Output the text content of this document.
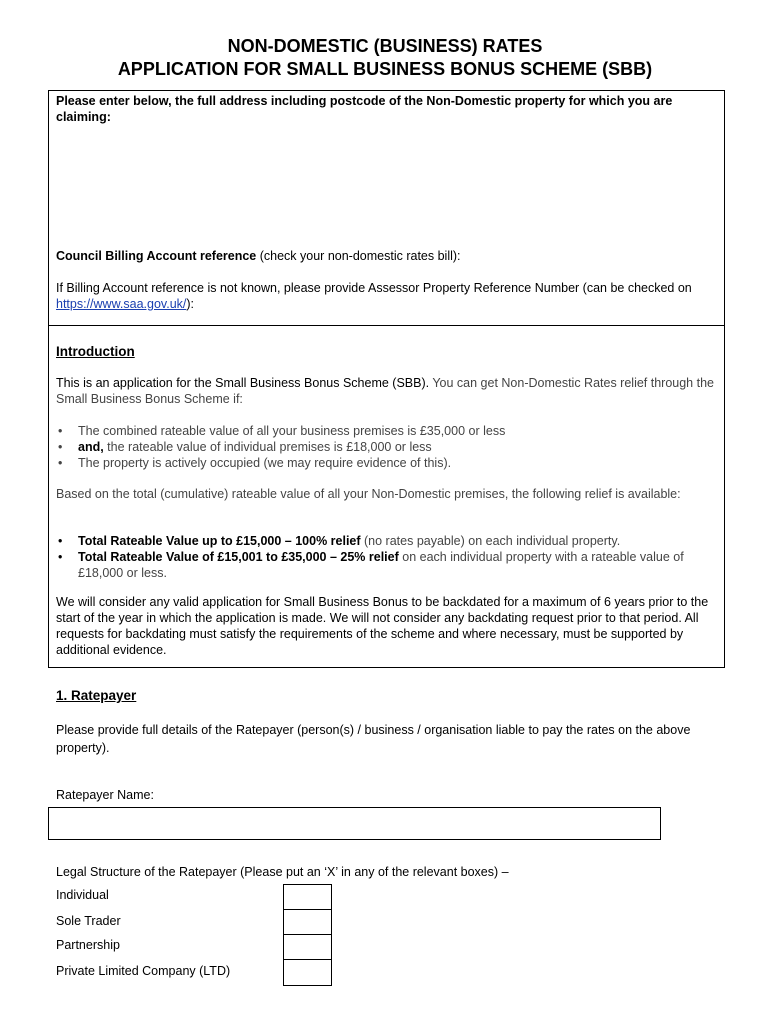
NON-DOMESTIC (BUSINESS) RATES
APPLICATION FOR SMALL BUSINESS BONUS SCHEME (SBB)
Please enter below, the full address including postcode of the Non-Domestic property for which you are claiming:
Council Billing Account reference (check your non-domestic rates bill):
If Billing Account reference is not known, please provide Assessor Property Reference Number (can be checked on https://www.saa.gov.uk/):
Introduction
This is an application for the Small Business Bonus Scheme (SBB). You can get Non-Domestic Rates relief through the Small Business Bonus Scheme if:
• The combined rateable value of all your business premises is £35,000 or less
• and, the rateable value of individual premises is £18,000 or less
• The property is actively occupied (we may require evidence of this).
Based on the total (cumulative) rateable value of all your Non-Domestic premises, the following relief is available:
• Total Rateable Value up to £15,000 – 100% relief (no rates payable) on each individual property.
• Total Rateable Value of £15,001 to £35,000 – 25% relief on each individual property with a rateable value of £18,000 or less.
We will consider any valid application for Small Business Bonus to be backdated for a maximum of 6 years prior to the start of the year in which the application is made. We will not consider any backdating request prior to that period. All requests for backdating must satisfy the requirements of the scheme and where necessary, must be supported by additional evidence.
1. Ratepayer
Please provide full details of the Ratepayer (person(s) / business / organisation liable to pay the rates on the above property).
Ratepayer Name:
Legal Structure of the Ratepayer (Please put an ‘X’ in any of the relevant boxes) –
Individual
Sole Trader
Partnership
Private Limited Company (LTD)
